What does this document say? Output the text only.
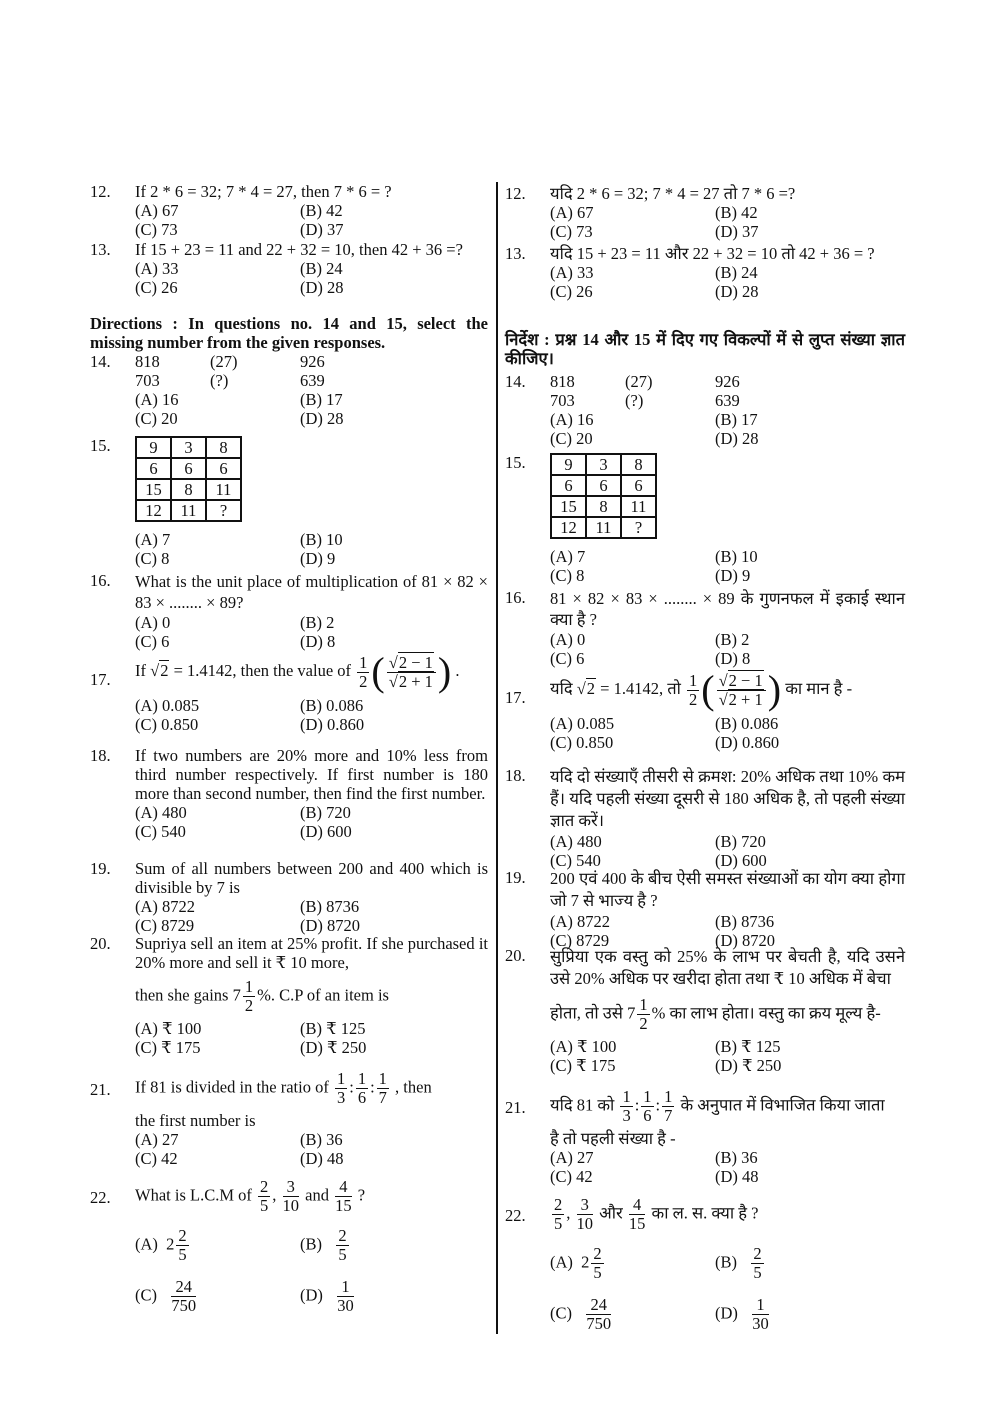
12. If 2 * 6 = 32; 7 * 4 = 27, then 7 * 6 = ?
(A) 67	(B) 42
(C) 73	(D) 37
13. If 15 + 23 = 11 and 22 + 32 = 10, then 42 + 36 =?
(A) 33	(B) 24
(C) 26	(D) 28
Directions : In questions no. 14 and 15, select the missing number from the given responses.
14. 818	(27)	926
703	(?)	639
(A) 16	(B) 17
(C) 20	(D) 28
15. 9	3	8
6	6	6
15	8	11
12	11	?
(A) 7	(B) 10
(C) 8	(D) 9
16. What is the unit place of multiplication of 81 × 82 × 83 × ........ × 89?
(A) 0	(B) 2
(C) 6	(D) 8
17. If √2 = 1.4142, then the value of $\frac{1}{2}$ ( $\frac{√2 - 1}{√2 + 1}$ ) .
(A) 0.085	(B) 0.086
(C) 0.850	(D) 0.860
18. If two numbers are 20% more and 10% less from third number respectively. If first number is 180 more than second number, then find the first number.
(A) 480	(B) 720
(C) 540	(D) 600
19. Sum of all numbers between 200 and 400 which is divisible by 7 is
(A) 8722	(B) 8736
(C) 8729	(D) 8720
20. Supriya sell an item at 25% profit. If she purchased it 20% more and sell it ₹ 10 more,
then she gains $7 \frac{1}{2}$ %. C.P of an item is
(A) ₹ 100	(B) ₹ 125
(C) ₹ 175	(D) ₹ 250
21. If 81 is divided in the ratio of $\frac{1}{3}$ : $\frac{1}{6}$ : $\frac{1}{7}$ , then
the first number is
(A) 27	(B) 36
(C) 42	(D) 48
22. What is L.C.M of $\frac{2}{5}$ , $\frac{3}{10}$ and $\frac{4}{15}$ ?
(A) $2 \frac{2}{5}$	$(B) \frac{2}{5}$
$(C) \frac{24}{750}$	$(D) \frac{1}{30}$
12. यदि 2 * 6 = 32; 7 * 4 = 27 तो 7 * 6 =?
(A) 67	(B) 42
(C) 73	(D) 37
13. यदि 15 + 23 = 11 और 22 + 32 = 10 तो 42 + 36 = ?
(A) 33	(B) 24
(C) 26	(D) 28
निर्देश : प्रश्न 14 और 15 में दिए गए विकल्पों में से लुप्त संख्या ज्ञात कीजिए।
14. 818	(27)	926
703	(?)	639
(A) 16	(B) 17
(C) 20	(D) 28
15. 9	3	8
6	6	6
15	8	11
12	11	?
(A) 7	(B) 10
(C) 8	(D) 9
16. 81 × 82 × 83 × ........ × 89 के गुणनफल में इकाई स्थान क्या है ?
(A) 0	(B) 2
(C) 6	(D) 8
17. यदि √2 = 1.4142, तो $\frac{1}{2}$ ( $\frac{√2 - 1}{√2 + 1}$ ) का मान है -
(A) 0.085	(B) 0.086
(C) 0.850	(D) 0.860
18. यदि दो संख्याएँ तीसरी से क्रमश: 20% अधिक तथा 10% कम हैं। यदि पहली संख्या दूसरी से 180 अधिक है, तो पहली संख्या ज्ञात करें।
(A) 480	(B) 720
(C) 540	(D) 600
19. 200 एवं 400 के बीच ऐसी समस्त संख्याओं का योग क्या होगा जो 7 से भाज्य है ?
(A) 8722	(B) 8736
(C) 8729	(D) 8720
20. सुप्रिया एक वस्तु को 25% के लाभ पर बेचती है, यदि उसने उसे 20% अधिक पर खरीदा होता तथा ₹ 10 अधिक में बेचा
होता, तो उसे $7 \frac{1}{2}$ % का लाभ होता। वस्तु का क्रय मूल्य है-
(A) ₹ 100	(B) ₹ 125
(C) ₹ 175	(D) ₹ 250
21. यदि 81 को $\frac{1}{3}$ : $\frac{1}{6}$ : $\frac{1}{7}$ के अनुपात में विभाजित किया जाता
है तो पहली संख्या है -
(A) 27	(B) 36
(C) 42	(D) 48
22. $\frac{2}{5}$ , $\frac{3}{10}$ और $\frac{4}{15}$ का ल. स. क्या है ?
(A) $2 \frac{2}{5}$	$(B) \frac{2}{5}$
$(C) \frac{24}{750}$	$(D) \frac{1}{30}$
